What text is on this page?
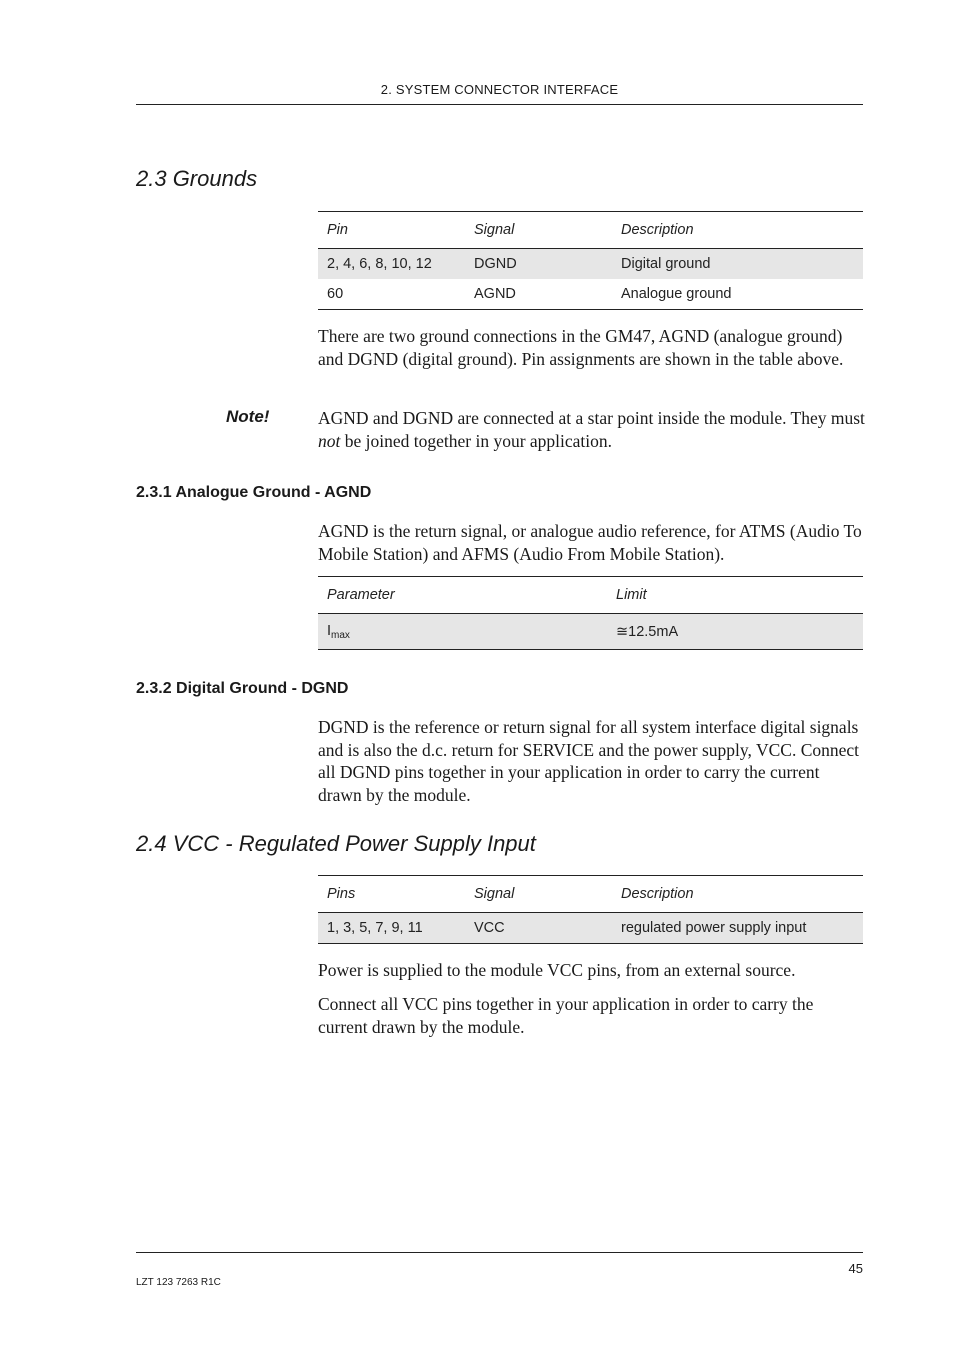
2. SYSTEM CONNECTOR INTERFACE
2.3 Grounds
Pin	Signal	Description
2, 4, 6, 8, 10, 12	DGND	Digital ground
60	AGND	Analogue ground
There are two ground connections in the GM47, AGND (analogue ground) and DGND (digital ground). Pin assignments are shown in the table above.
Note!	AGND and DGND are connected at a star point inside the module. They must not be joined together in your application.
2.3.1 Analogue Ground - AGND
AGND is the return signal, or analogue audio reference, for ATMS (Audio To Mobile Station) and AFMS (Audio From Mobile Station).
Parameter	Limit
$I_{max}$	≅12.5mA
2.3.2 Digital Ground - DGND
DGND is the reference or return signal for all system interface digital signals and is also the d.c. return for SERVICE and the power supply, VCC. Connect all DGND pins together in your application in order to carry the current drawn by the module.
2.4 VCC - Regulated Power Supply Input
Pins	Signal	Description
1, 3, 5, 7, 9, 11	VCC	regulated power supply input
Power is supplied to the module VCC pins, from an external source.
Connect all VCC pins together in your application in order to carry the current drawn by the module.
45
LZT 123 7263 R1C
